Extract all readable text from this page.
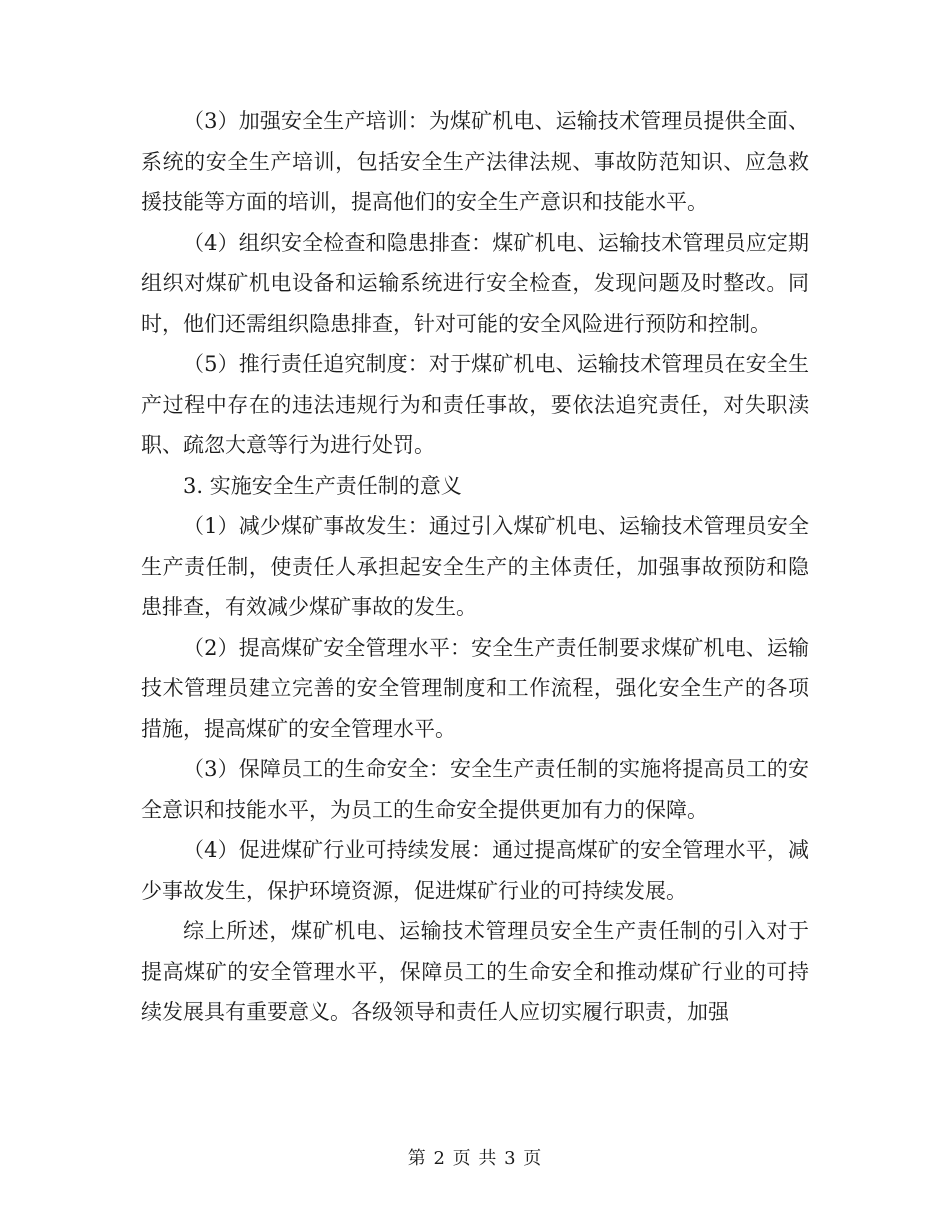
（3）加强安全生产培训：为煤矿机电、运输技术管理员提供全面、系统的安全生产培训，包括安全生产法律法规、事故防范知识、应急救援技能等方面的培训，提高他们的安全生产意识和技能水平。

（4）组织安全检查和隐患排查：煤矿机电、运输技术管理员应定期组织对煤矿机电设备和运输系统进行安全检查，发现问题及时整改。同时，他们还需组织隐患排查，针对可能的安全风险进行预防和控制。

（5）推行责任追究制度：对于煤矿机电、运输技术管理员在安全生产过程中存在的违法违规行为和责任事故，要依法追究责任，对失职渎职、疏忽大意等行为进行处罚。

3. 实施安全生产责任制的意义

（1）减少煤矿事故发生：通过引入煤矿机电、运输技术管理员安全生产责任制，使责任人承担起安全生产的主体责任，加强事故预防和隐患排查，有效减少煤矿事故的发生。

（2）提高煤矿安全管理水平：安全生产责任制要求煤矿机电、运输技术管理员建立完善的安全管理制度和工作流程，强化安全生产的各项措施，提高煤矿的安全管理水平。

（3）保障员工的生命安全：安全生产责任制的实施将提高员工的安全意识和技能水平，为员工的生命安全提供更加有力的保障。

（4）促进煤矿行业可持续发展：通过提高煤矿的安全管理水平，减少事故发生，保护环境资源，促进煤矿行业的可持续发展。

综上所述，煤矿机电、运输技术管理员安全生产责任制的引入对于提高煤矿的安全管理水平，保障员工的生命安全和推动煤矿行业的可持续发展具有重要意义。各级领导和责任人应切实履行职责，加强

第 2 页 共 3 页
